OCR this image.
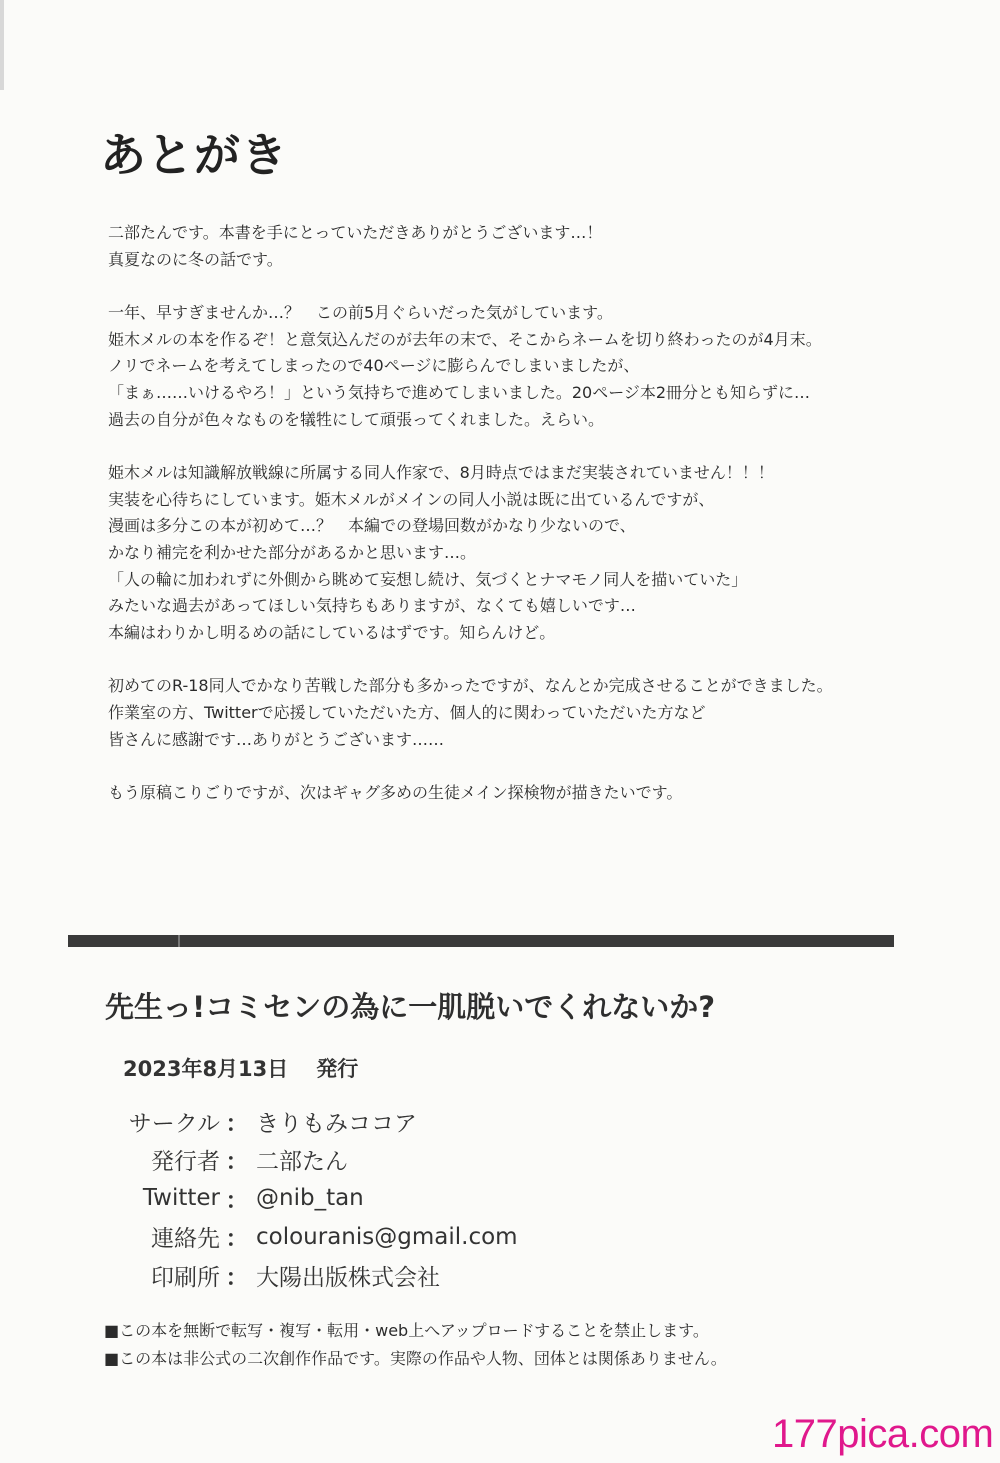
あとがき
二部たんです。本書を手にとっていただきありがとうございます…！
真夏なのに冬の話です。
一年、早すぎませんか…？　この前5月ぐらいだった気がしています。
姫木メルの本を作るぞ！と意気込んだのが去年の末で、そこからネームを切り終わったのが4月末。
ノリでネームを考えてしまったので40ページに膨らんでしまいましたが、
「まぁ……いけるやろ！」という気持ちで進めてしまいました。20ページ本2冊分とも知らずに…
過去の自分が色々なものを犠牲にして頑張ってくれました。えらい。
姫木メルは知識解放戦線に所属する同人作家で、8月時点ではまだ実装されていません！！！
実装を心待ちにしています。姫木メルがメインの同人小説は既に出ているんですが、
漫画は多分この本が初めて…？　本編での登場回数がかなり少ないので、
かなり補完を利かせた部分があるかと思います…。
「人の輪に加われずに外側から眺めて妄想し続け、気づくとナマモノ同人を描いていた」
みたいな過去があってほしい気持ちもありますが、なくても嬉しいです…
本編はわりかし明るめの話にしているはずです。知らんけど。
初めてのR-18同人でかなり苦戦した部分も多かったですが、なんとか完成させることができました。
作業室の方、Twitterで応援していただいた方、個人的に関わっていただいた方など
皆さんに感謝です…ありがとうございます……
もう原稿こりごりですが、次はギャグ多めの生徒メイン探検物が描きたいです。
先生っ!コミセンの為に一肌脱いでくれないか?
2023年8月13日 発行
サークル ： きりもみココア
発行者 ： 二部たん
Twitter ： @nib_tan
連絡先 ： colouranis@gmail.com
印刷所 ： 大陽出版株式会社
■この本を無断で転写・複写・転用・web上へアップロードすることを禁止します。
■この本は非公式の二次創作作品です。実際の作品や人物、団体とは関係ありません。
177pica.com
